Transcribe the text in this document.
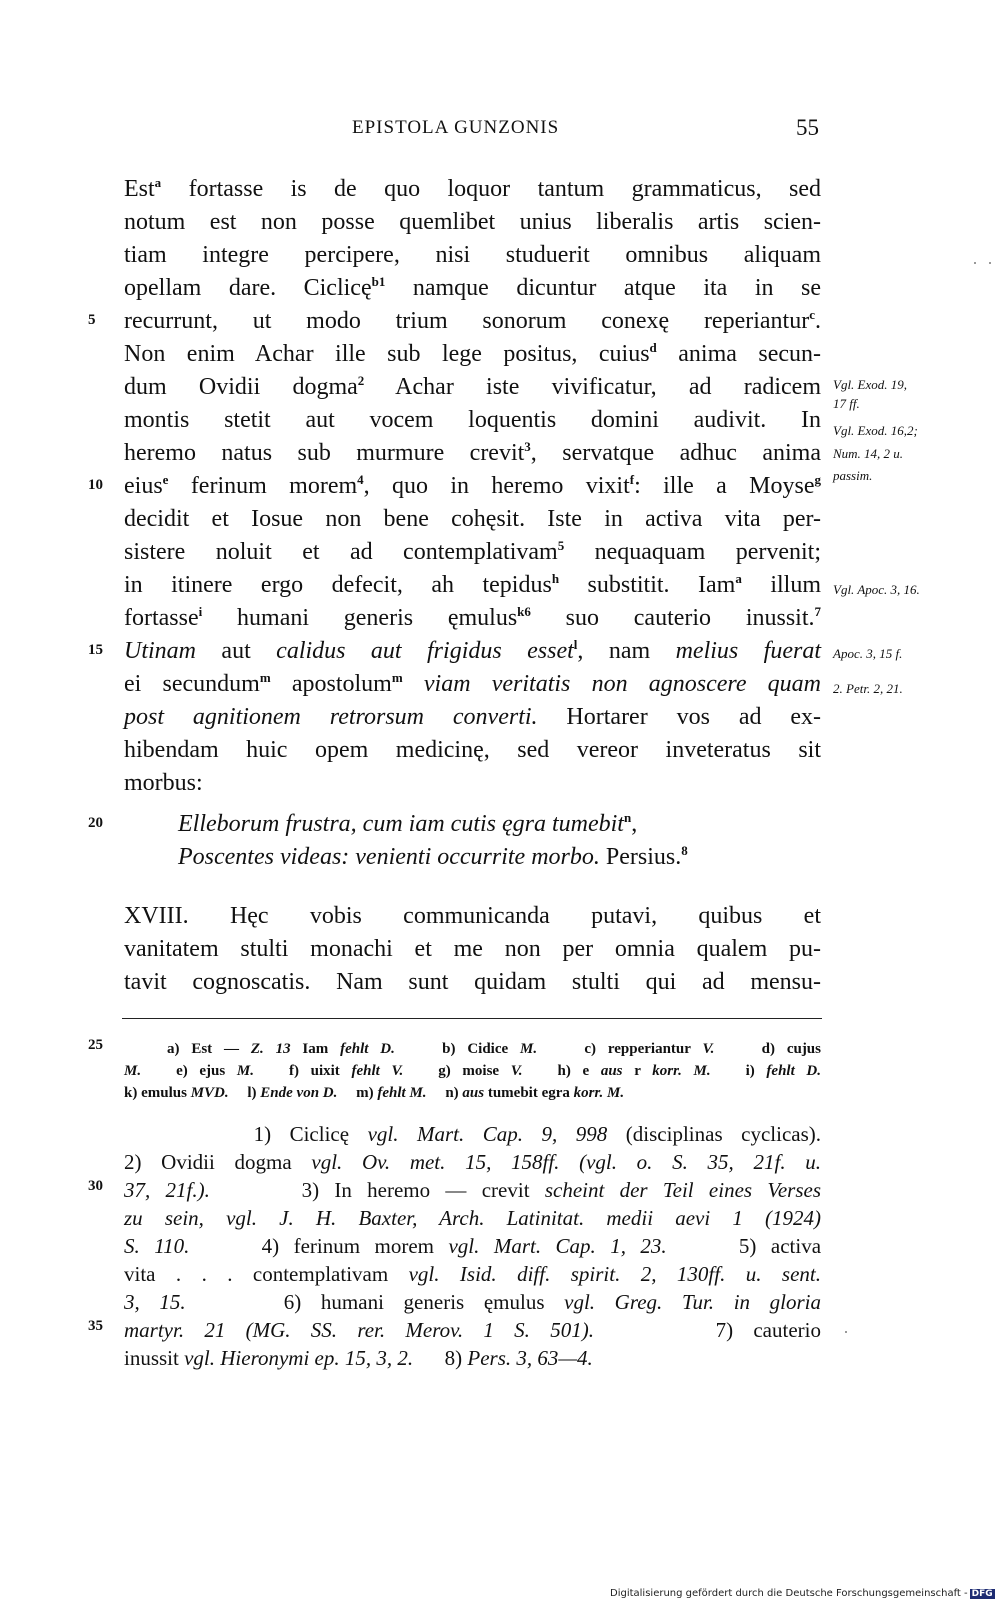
EPISTOLA GUNZONIS	55
Est$^a$ fortasse is de quo loquor tantum grammaticus, sed
notum est non posse quemlibet unius liberalis artis scien-
tiam integre percipere, nisi studuerit omnibus aliquam
opellam dare. Ciclicę$^{b1}$ namque dicuntur atque ita in se
recurrunt, ut modo trium sonorum conexę reperiantur$^c$.
Non enim Achar ille sub lege positus, cuius$^d$ anima secun-
dum Ovidii dogma$^2$ Achar iste vivificatur, ad radicem
montis stetit aut vocem loquentis domini audivit. In
heremo natus sub murmure crevit$^3$, servatque adhuc anima
eius$^e$ ferinum morem$^4$, quo in heremo vixit$^f$: ille a Moyse$^g$
decidit et Iosue non bene cohęsit. Iste in activa vita per-
sistere noluit et ad contemplativam$^5$ nequaquam pervenit;
in itinere ergo defecit, ah tepidus$^h$ substitit. Iam$^a$ illum
fortasse$^i$ humani generis ęmulus$^{k6}$ suo cauterio inussit.$^7$
Utinam aut calidus aut frigidus esset$^l$, nam melius fuerat
ei secundum$^m$ apostolum$^m$ viam veritatis non agnoscere quam
post agnitionem retrorsum converti. Hortarer vos ad ex-
hibendam huic opem medicinę, sed vereor inveteratus sit
morbus:
Elleborum frustra, cum iam cutis ęgra tumebit$^n$,
Poscentes videas: venienti occurrite morbo. Persius.$^8$
XVIII. Hęc vobis communicanda putavi, quibus et
vanitatem stulti monachi et me non per omnia qualem pu-
tavit cognoscatis. Nam sunt quidam stulti qui ad mensu-
5
10
15
20
25
30
35
Vgl. Exod. 19,
17 ff.
Vgl. Exod. 16,2;
Num. 14, 2 u.
passim.
Vgl. Apoc. 3, 16.
Apoc. 3, 15 f.
2. Petr. 2, 21.
a) Est — Z. 13 Iam fehlt D.    b) Cidice M.    c) repperiantur V.    d) cujus
M.   e) ejus M.   f) uixit fehlt V.   g) moise V.   h) e aus r korr. M.   i) fehlt D.
k) emulus MVD.     l) Ende von D.     m) fehlt M.     n) aus tumebit egra korr. M.
1) Ciclicę vgl. Mart. Cap. 9, 998 (disciplinas cyclicas).
2) Ovidii dogma vgl. Ov. met. 15, 158ff. (vgl. o. S. 35, 21f. u.
37, 21f.).      3) In heremo — crevit scheint der Teil eines Verses
zu sein, vgl. J. H. Baxter, Arch. Latinitat. medii aevi 1 (1924)
S. 110.     4) ferinum morem vgl. Mart. Cap. 1, 23.     5) activa
vita . . . contemplativam vgl. Isid. diff. spirit. 2, 130ff. u. sent.
3, 15.     6) humani generis ęmulus vgl. Greg. Tur. in gloria
martyr. 21 (MG. SS. rer. Merov. 1 S. 501).      7) cauterio
inussit vgl. Hieronymi ep. 15, 3, 2.      8) Pers. 3, 63—4.
Digitalisierung gefördert durch die Deutsche Forschungsgemeinschaft - DFG
